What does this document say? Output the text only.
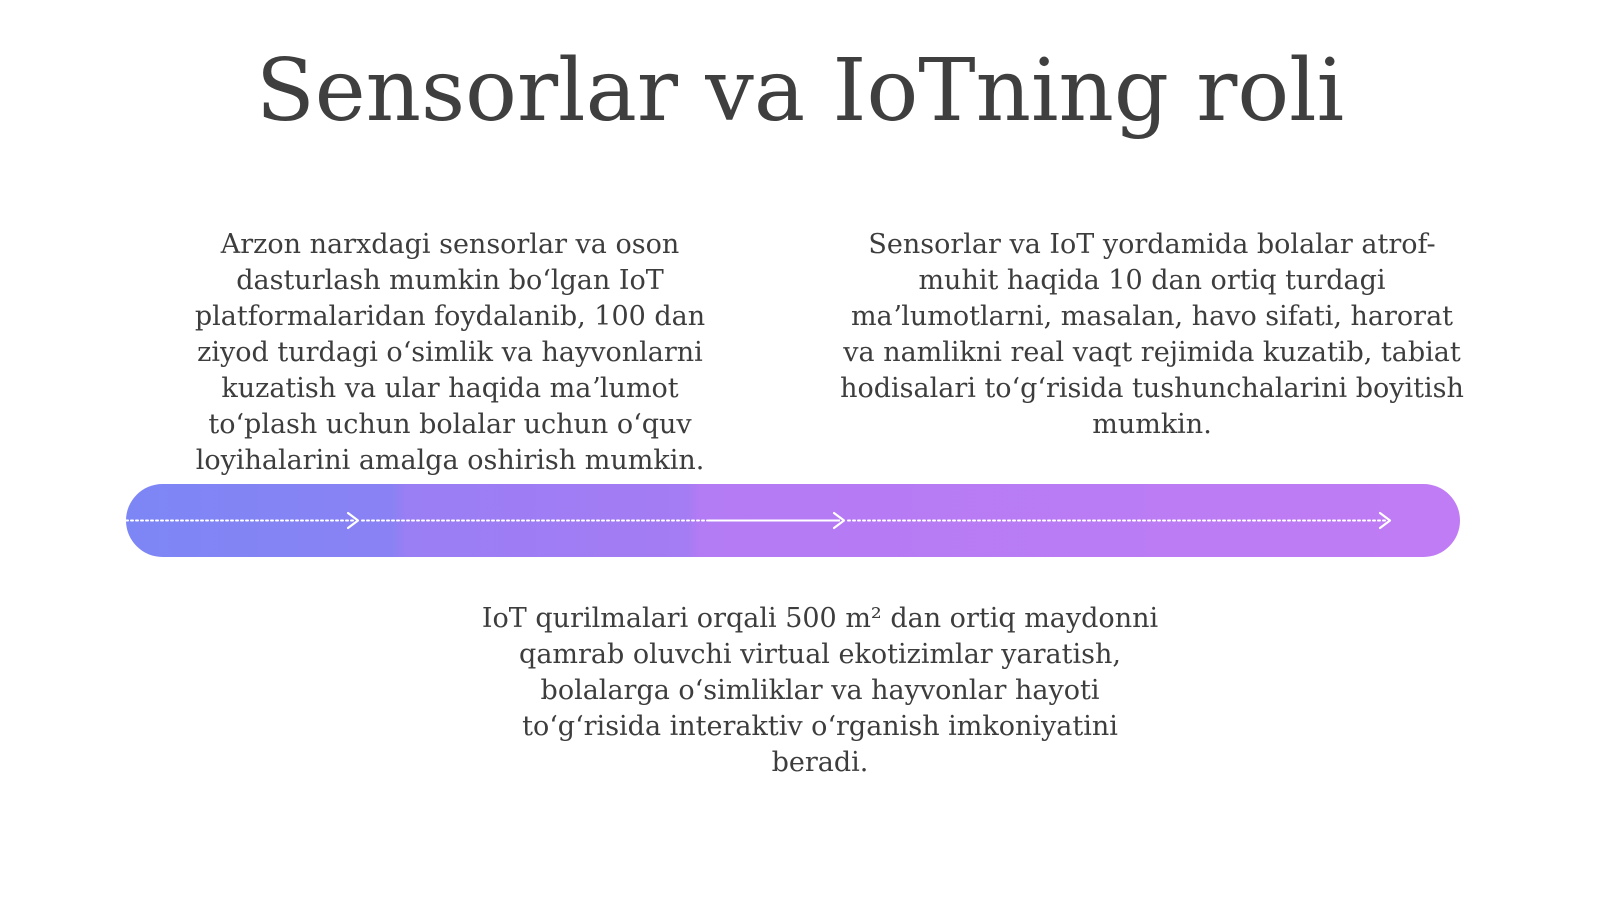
Sensorlar va IoTning roli

Arzon narxdagi sensorlar va oson dasturlash mumkin boʻlgan IoT platformalaridan foydalanib, 100 dan ziyod turdagi oʻsimlik va hayvonlarni kuzatish va ular haqida maʼlumot toʻplash uchun bolalar uchun oʻquv loyihalarini amalga oshirish mumkin.

Sensorlar va IoT yordamida bolalar atrof-muhit haqida 10 dan ortiq turdagi maʼlumotlarni, masalan, havo sifati, harorat va namlikni real vaqt rejimida kuzatib, tabiat hodisalari toʻgʻrisida tushunchalarini boyitish mumkin.

IoT qurilmalari orqali 500 m² dan ortiq maydonni qamrab oluvchi virtual ekotizimlar yaratish, bolalarga oʻsimliklar va hayvonlar hayoti toʻgʻrisida interaktiv oʻrganish imkoniyatini beradi.
